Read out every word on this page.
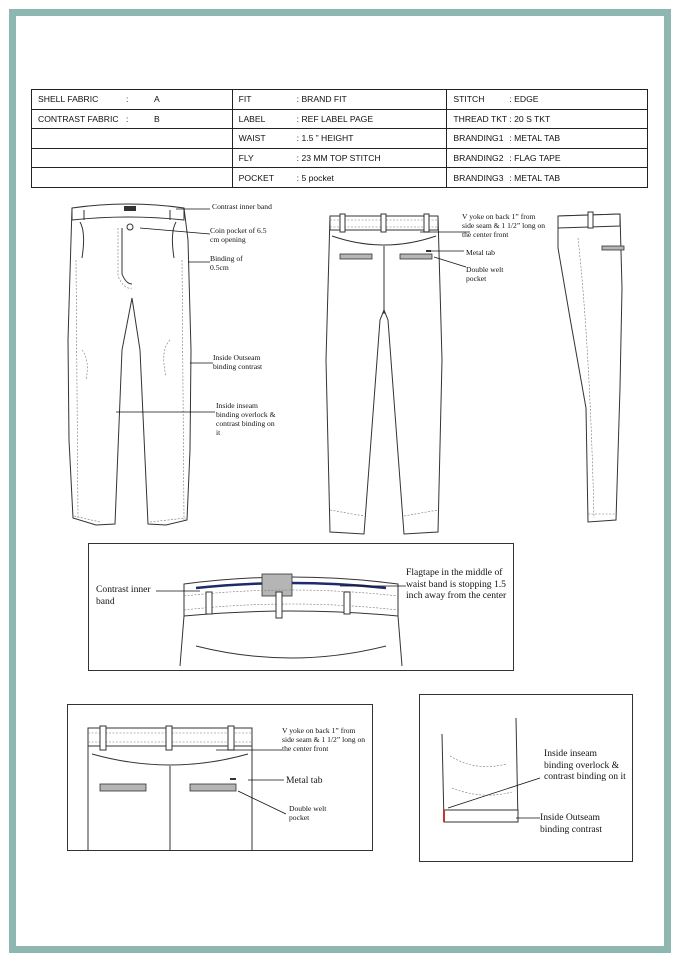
SHELL FABRIC : A	FIT : BRAND FIT	STITCH : EDGE
CONTRAST FABRIC : B	LABEL : REF LABEL PAGE	THREAD TKT : 20 S TKT
	WAIST : 1.5 ” HEIGHT	BRANDING1 : METAL TAB
	FLY : 23 MM TOP STITCH	BRANDING2 : FLAG TAPE
	POCKET : 5 pocket	BRANDING3 : METAL TAB
Contrast inner band
Coin pocket of 6.5 cm opening
Binding of 0.5cm
Inside Outseam binding contrast
Inside inseam binding overlock & contrast binding on it
V yoke on back 1” from side seam & 1 1/2” long on the center front
Metal tab
Double welt pocket
Contrast inner band
Flagtape in the middle of waist band is stopping 1.5 inch away from the center
V yoke on back 1” from side seam & 1 1/2” long on the center front
Metal tab
Double welt pocket
Inside inseam binding overlock & contrast binding on it
Inside Outseam binding contrast
